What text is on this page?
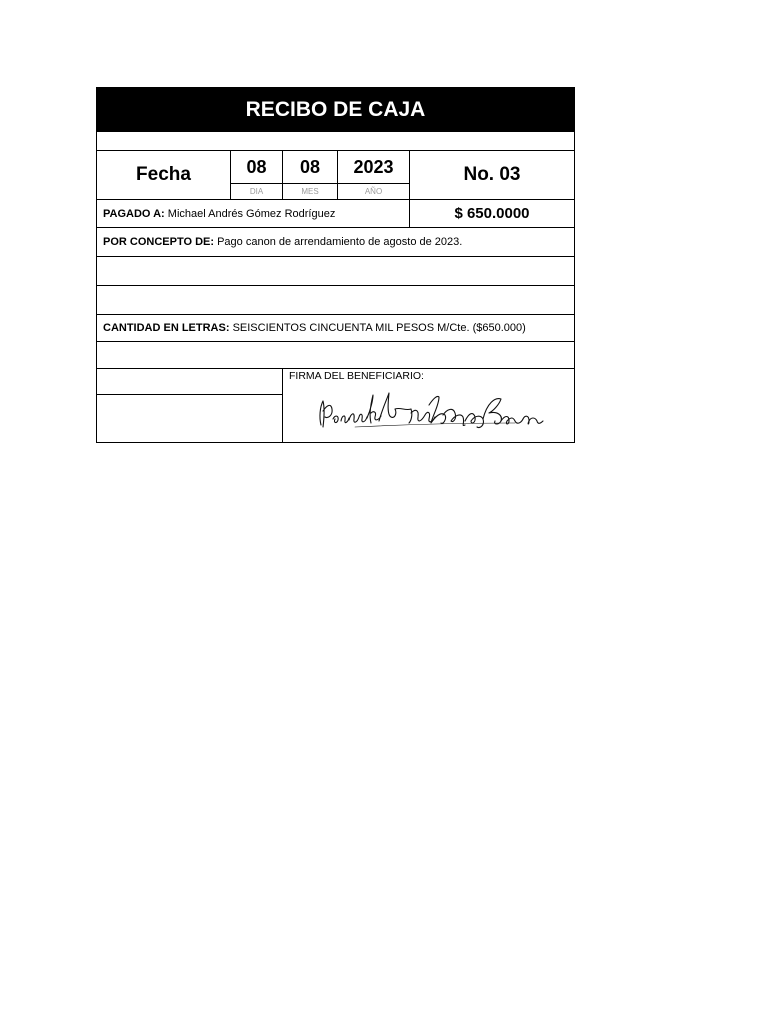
RECIBO DE CAJA
Fecha	08
DIA
08
MES
2023
AÑO
No. 03
PAGADO A:
Michael Andrés Gómez Rodríguez	$ 650.0000
POR CONCEPTO DE:
Pago canon de arrendamiento de agosto de 2023.
CANTIDAD EN LETRAS:
SEISCIENTOS CINCUENTA MIL PESOS M/Cte. ($650.000)
FIRMA DEL BENEFICIARIO:
